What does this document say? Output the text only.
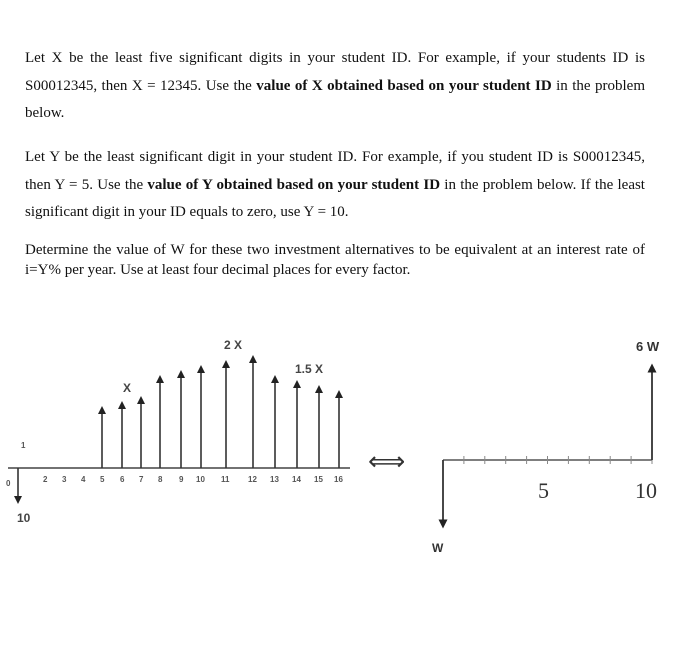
Let X be the least five significant digits in your student ID. For example, if your students ID is S00012345, then X = 12345. Use the value of X obtained based on your student ID in the problem below.
Let Y be the least significant digit in your student ID. For example, if you student ID is S00012345, then Y = 5. Use the value of Y obtained based on your student ID in the problem below. If the least significant digit in your ID equals to zero, use Y = 10.
Determine the value of W for these two investment alternatives to be equivalent at an interest rate of i=Y% per year. Use at least four decimal places for every factor.
0
1
2 3 4 5 6 7 8 9 10 11 12 13 14 15 16
2 X
1.5 X
X
10
⟺
6 W
5	10
W
